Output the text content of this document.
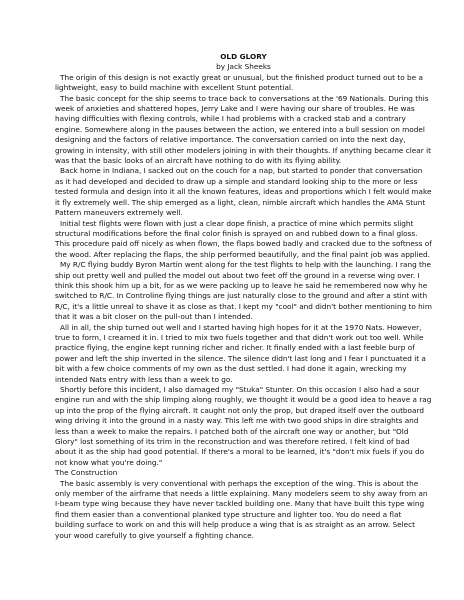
OLD GLORY

by Jack Sheeks

The origin of this design is not exactly great or unusual, but the finished product turned out to be a lightweight, easy to build machine with excellent Stunt potential.

The basic concept for the ship seems to trace back to conversations at the '69 Nationals. During this week of anxieties and shattered hopes, Jerry Lake and I were having our share of troubles. He was having difficulties with flexing controls, while I had problems with a cracked stab and a contrary engine. Somewhere along in the pauses between the action, we entered into a bull session on model designing and the factors of relative importance. The conversation carried on into the next day, growing in intensity, with still other modelers joining in with their thoughts. If anything became clear it was that the basic looks of an aircraft have nothing to do with its flying ability.

Back home in Indiana, I sacked out on the couch for a nap, but started to ponder that conversation as it had developed and decided to draw up a simple and standard looking ship to the more or less tested formula and design into it all the known features, ideas and proportions which I felt would make it fly extremely well. The ship emerged as a light, clean, nimble aircraft which handles the AMA Stunt Pattern maneuvers extremely well.

Initial test flights were flown with just a clear dope finish, a practice of mine which permits slight structural modifications before the final color finish is sprayed on and rubbed down to a final gloss. This procedure paid off nicely as when flown, the flaps bowed badly and cracked due to the softness of the wood. After replacing the flaps, the ship performed beautifully, and the final paint job was applied.

My R/C flying buddy Byron Martin went along for the test flights to help with the launching. I rang the ship out pretty well and pulled the model out about two feet off the ground in a reverse wing over. I think this shook him up a bit, for as we were packing up to leave he said he remembered now why he switched to R/C. In Controline flying things are just naturally close to the ground and after a stint with R/C, it's a little unreal to shave it as close as that. I kept my "cool" and didn't bother mentioning to him that it was a bit closer on the pull-out than I intended.

All in all, the ship turned out well and I started having high hopes for it at the 1970 Nats. However, true to form, I creamed it in. I tried to mix two fuels together and that didn't work out too well. While practice flying, the engine kept running richer and richer. It finally ended with a last feeble burp of power and left the ship inverted in the silence. The silence didn't last long and I fear I punctuated it a bit with a few choice comments of my own as the dust settled. I had done it again, wrecking my intended Nats entry with less than a week to go.

Shortly before this incident, I also damaged my "Stuka" Stunter. On this occasion I also had a sour engine run and with the ship limping along roughly, we thought it would be a good idea to heave a rag up into the prop of the flying aircraft. It caught not only the prop, but draped itself over the outboard wing driving it into the ground in a nasty way. This left me with two good ships in dire straights and less than a week to make the repairs. I patched both of the aircraft one way or another, but "Old Glory" lost something of its trim in the reconstruction and was therefore retired. I felt kind of bad about it as the ship had good potential. If there's a moral to be learned, it's "don't mix fuels if you do not know what you're doing."

The Construction

The basic assembly is very conventional with perhaps the exception of the wing. This is about the only member of the airframe that needs a little explaining. Many modelers seem to shy away from an I-beam type wing because they have never tackled building one. Many that have built this type wing find them easier than a conventional planked type structure and lighter too. You do need a flat building surface to work on and this will help produce a wing that is as straight as an arrow. Select your wood carefully to give yourself a fighting chance.
